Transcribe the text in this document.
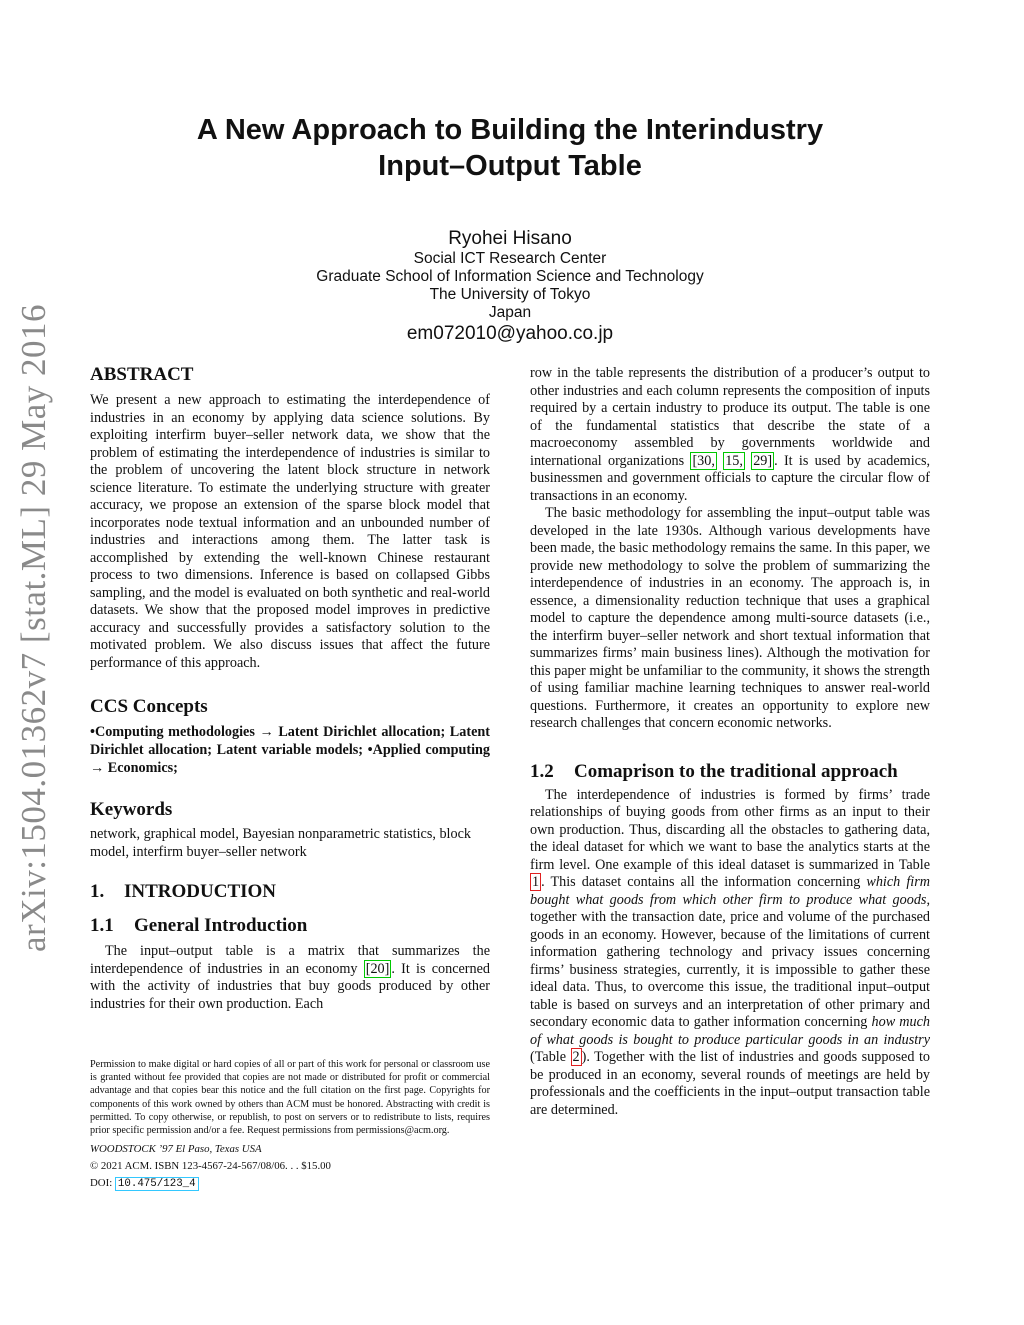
arXiv:1504.01362v7 [stat.ML] 29 May 2016
A New Approach to Building the Interindustry
Input–Output Table
Ryohei Hisano
Social ICT Research Center
Graduate School of Information Science and Technology
The University of Tokyo
Japan
em072010@yahoo.co.jp
ABSTRACT

We present a new approach to estimating the interdependence of industries in an economy by applying data science solutions. By exploiting interfirm buyer–seller network data, we show that the problem of estimating the interdependence of industries is similar to the problem of uncovering the latent block structure in network science literature. To estimate the underlying structure with greater accuracy, we propose an extension of the sparse block model that incorporates node textual information and an unbounded number of industries and interactions among them. The latter task is accomplished by extending the well-known Chinese restaurant process to two dimensions. Inference is based on collapsed Gibbs sampling, and the model is evaluated on both synthetic and real-world datasets. We show that the proposed model improves in predictive accuracy and successfully provides a satisfactory solution to the motivated problem. We also discuss issues that affect the future performance of this approach.

CCS Concepts

•Computing methodologies → Latent Dirichlet allocation; Latent Dirichlet allocation; Latent variable models; •Applied computing → Economics;

Keywords

network, graphical model, Bayesian nonparametric statistics, block model, interfirm buyer–seller network

1. INTRODUCTION
1.1 General Introduction

The input–output table is a matrix that summarizes the interdependence of industries in an economy [20] . It is concerned with the activity of industries that buy goods produced by other industries for their own production. Each

Permission to make digital or hard copies of all or part of this work for personal or classroom use is granted without fee provided that copies are not made or distributed for profit or commercial advantage and that copies bear this notice and the full citation on the first page. Copyrights for components of this work owned by others than ACM must be honored. Abstracting with credit is permitted. To copy otherwise, or republish, to post on servers or to redistribute to lists, requires prior specific permission and/or a fee. Request permissions from permissions@acm.org.

WOODSTOCK ’97 El Paso, Texas USA

© 2021 ACM. ISBN 123-4567-24-567/08/06. . . $15.00

DOI: 10.475/123_4

row in the table represents the distribution of a producer’s output to other industries and each column represents the composition of inputs required by a certain industry to produce its output. The table is one of the fundamental statistics that describe the state of a macroeconomy assembled by governments worldwide and international organizations [30, 15, 29] . It is used by academics, businessmen and government officials to capture the circular flow of transactions in an economy.

The basic methodology for assembling the input–output table was developed in the late 1930s. Although various developments have been made, the basic methodology remains the same. In this paper, we provide new methodology to solve the problem of summarizing the interdependence of industries in an economy. The approach is, in essence, a dimensionality reduction technique that uses a graphical model to capture the dependence among multi-source datasets (i.e., the interfirm buyer–seller network and short textual information that summarizes firms’ main business lines). Although the motivation for this paper might be unfamiliar to the community, it shows the strength of using familiar machine learning techniques to answer real-world questions. Furthermore, it creates an opportunity to explore new research challenges that concern economic networks.

1.2 Comaprison to the traditional approach

The interdependence of industries is formed by firms’ trade relationships of buying goods from other firms as an input to their own production. Thus, discarding all the obstacles to gathering data, the ideal dataset for which we want to base the analytics starts at the firm level. One example of this ideal dataset is summarized in Table 1 . This dataset contains all the information concerning which firm bought what goods from which other firm to produce what goods, together with the transaction date, price and volume of the purchased goods in an economy. However, because of the limitations of current information gathering technology and privacy issues concerning firms’ business strategies, currently, it is impossible to gather these ideal data. Thus, to overcome this issue, the traditional input–output table is based on surveys and an interpretation of other primary and secondary economic data to gather information concerning how much of what goods is bought to produce particular goods in an industry (Table 2 ). Together with the list of industries and goods supposed to be produced in an economy, several rounds of meetings are held by professionals and the coefficients in the input–output transaction table are determined.
